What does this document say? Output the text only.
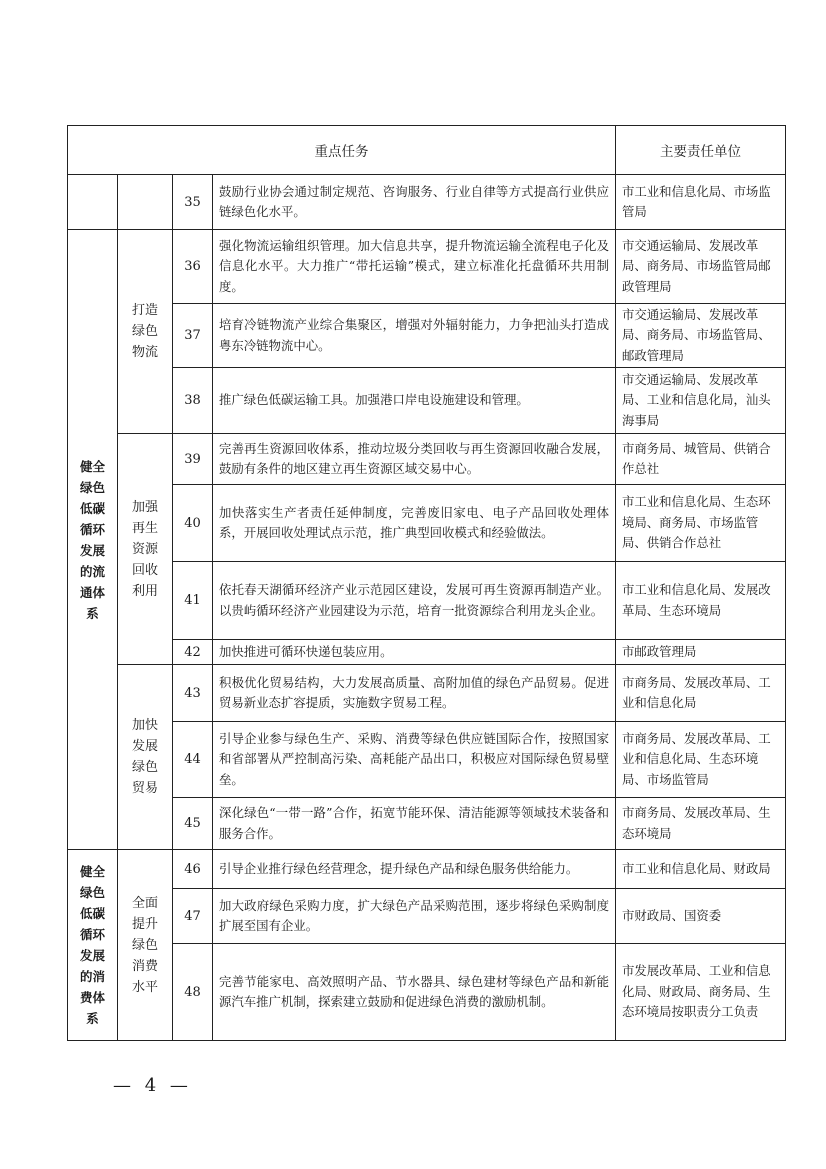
重点任务				主要责任单位
		35	鼓励行业协会通过制定规范、咨询服务、行业自律等方式提高行业供应链绿色化水平。	市工业和信息化局、市场监管局
健全绿色低碳循环发展的流通体系	打造绿色物流	36	强化物流运输组织管理。加大信息共享，提升物流运输全流程电子化及信息化水平。大力推广“带托运输”模式，建立标准化托盘循环共用制度。	市交通运输局、发展改革局、商务局、市场监管局邮政管理局
		37	培育冷链物流产业综合集聚区，增强对外辐射能力，力争把汕头打造成粤东冷链物流中心。	市交通运输局、发展改革局、商务局、市场监管局、邮政管理局
		38	推广绿色低碳运输工具。加强港口岸电设施建设和管理。	市交通运输局、发展改革局、工业和信息化局，汕头海事局
	加强再生资源回收利用	39	完善再生资源回收体系，推动垃圾分类回收与再生资源回收融合发展，鼓励有条件的地区建立再生资源区域交易中心。	市商务局、城管局、供销合作总社
		40	加快落实生产者责任延伸制度，完善废旧家电、电子产品回收处理体系，开展回收处理试点示范，推广典型回收模式和经验做法。	市工业和信息化局、生态环境局、商务局、市场监管局、供销合作总社
		41	依托春天湖循环经济产业示范园区建设，发展可再生资源再制造产业。以贵屿循环经济产业园建设为示范，培育一批资源综合利用龙头企业。	市工业和信息化局、发展改革局、生态环境局
		42	加快推进可循环快递包装应用。	市邮政管理局
	加快发展绿色贸易	43	积极优化贸易结构，大力发展高质量、高附加值的绿色产品贸易。促进贸易新业态扩容提质，实施数字贸易工程。	市商务局、发展改革局、工业和信息化局
		44	引导企业参与绿色生产、采购、消费等绿色供应链国际合作，按照国家和省部署从严控制高污染、高耗能产品出口，积极应对国际绿色贸易壁垒。	市商务局、发展改革局、工业和信息化局、生态环境局、市场监管局
		45	深化绿色“一带一路”合作，拓宽节能环保、清洁能源等领域技术装备和服务合作。	市商务局、发展改革局、生态环境局
健全绿色低碳循环发展的消费体系	全面提升绿色消费水平	46	引导企业推行绿色经营理念，提升绿色产品和绿色服务供给能力。	市工业和信息化局、财政局
		47	加大政府绿色采购力度，扩大绿色产品采购范围，逐步将绿色采购制度扩展至国有企业。	市财政局、国资委
		48	完善节能家电、高效照明产品、节水器具、绿色建材等绿色产品和新能源汽车推广机制，探索建立鼓励和促进绿色消费的激励机制。	市发展改革局、工业和信息化局、财政局、商务局、生态环境局按职责分工负责
— 4 —
